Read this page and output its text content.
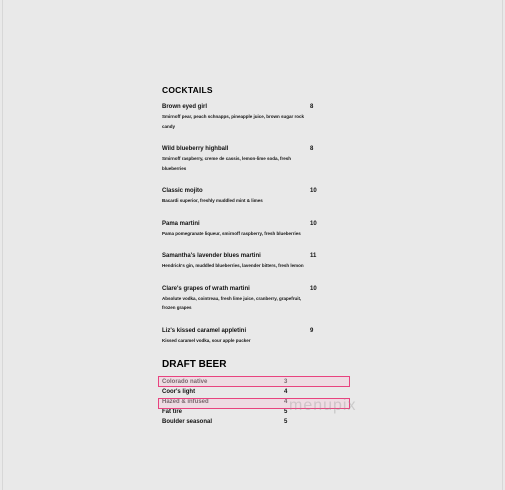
COCKTAILS
Brown eyed girl	8
Smirnoff pear, peach schnapps, pineapple juice, brown sugar rock candy
Wild blueberry highball	8
Smirnoff raspberry, creme de cassis, lemon-lime soda, fresh blueberries
Classic mojito	10
Bacardi superior, freshly muddled mint & limes
Pama martini	10
Pama pomegranate liqueur, smirnoff raspberry, fresh blueberries
Samantha's lavender blues martini	11
Hendrick's gin, muddled blueberries, lavender bitters, fresh lemon
Clare's grapes of wrath martini	10
Absolute vodka, cointreau, fresh lime juice, cranberry, grapefruit, frozen grapes
Liz's kissed caramel appletini	9
Kissed caramel vodka, sour apple pucker
DRAFT BEER
Colorado native	3
Coor's light	4
Hazed & infused	4
Fat tire	5
Boulder seasonal	5
menupix
